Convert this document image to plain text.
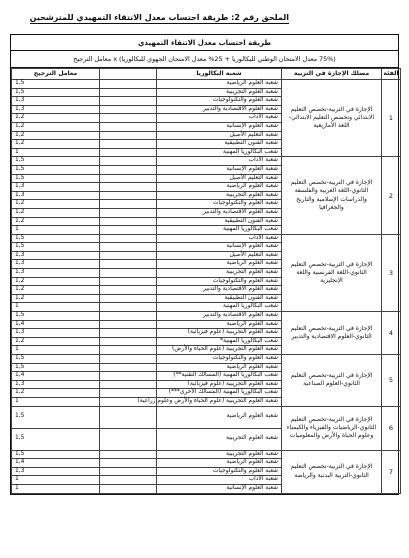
الملحق رقم 2: طريقة احتساب معدل الانتقاء التمهيدي للمترشحين
طريقة احتساب معدل الانتقاء التمهيدي
(75% معدل الامتحان الوطني للبكالوريا + 25% معدل الامتحان الجهوي للبكالوريا) x معامل الترجيح
الفئة	مسلك الإجازة في التربية	شعبة البكالوريا		معامل الترجيح
1	الإجازة في التربية-تخصص التعليم الابتدائي وتخصص التعليم الابتدائي-اللغة الأمازيغية	شعبة العلوم الرياضية		1,5
		شعبة العلوم التجريبية		1,5
		شعبة العلوم والتكنولوجيات		1,3
		شعبة العلوم الاقتصادية والتدبير		1,3
		شعبة الآداب		1,2
		شعبة العلوم الإنسانية		1,2
		شعبة التعليم الأصيل		1,2
		شعبة الفنون التطبيقية		1,2
		شعب البكالوريا المهنية		1
2	الإجازة في التربية-تخصص التعليم الثانوي-اللغة العربية والفلسفة والدراسات الإسلامية والتاريخ والجغرافيا	شعبة الآداب		1,5
		شعبة العلوم الإنسانية		1,5
		شعبة التعليم الأصيل		1,5
		شعبة العلوم الرياضية		1,3
		شعبة العلوم التجريبية		1,3
		شعبة العلوم والتكنولوجيات		1,2
		شعبة العلوم الاقتصادية والتدبير		1,2
		شعبة الفنون التطبيقية		1,2
		شعب البكالوريا المهنية		1
3	الإجازة في التربية-تخصص التعليم الثانوي-اللغة الفرنسية واللغة الإنجليزية	شعبة الآداب		1,5
		شعبة العلوم الإنسانية		1,5
		شعبة التعليم الأصيل		1,3
		شعبة العلوم الرياضية		1,3
		شعبة العلوم التجريبية		1,3
		شعبة العلوم والتكنولوجيات		1,2
		شعبة العلوم الاقتصادية والتدبير		1,2
		شعبة الفنون التطبيقية		1,2
		شعب البكالوريا المهنية		1
4	الإجازة في التربية-تخصص التعليم الثانوي-العلوم الاقتصادية والتدبير	شعبة العلوم الاقتصادية والتدبير		1,5
		شعبة العلوم الرياضية		1,4
		شعبة العلوم التجريبية (علوم فيزيائية)		1,3
		شعب البكالوريا المهنية*		1,2
		شعبة العلوم التجريبية (علوم الحياة والأرض)		1
5	الإجازة في التربية-تخصص التعليم الثانوي-العلوم الصناعية	شعبة العلوم والتكنولوجيات		1,5
		شعبة العلوم الرياضية		1,5
		شعب البكالوريا المهنية (المسالك التقنية**)		1,4
		شعبة العلوم التجريبية (علوم فيزيائية)		1,3
		شعب البكالوريا المهنية (المسالك الأخرى***)		1,2
		شعبة العلوم التجريبية (علوم الحياة والأرض وعلوم زراعية)		1
6	الإجازة في التربية-تخصص التعليم الثانوي-الرياضيات والفيزياء والكيمياء وعلوم الحياة والأرض والمعلوميات	شعبة العلوم الرياضية		1,5
		شعبة العلوم التجريبية		1,5
7	الإجازة في التربية-تخصص التعليم الثانوي-التربية البدنية والرياضة	شعبة العلوم التجريبية		1,5
		شعبة العلوم الرياضية		1,4
		شعبة العلوم والتكنولوجيات		1,3
		شعبة الآداب		1
		شعبة العلوم الإنسانية		1
